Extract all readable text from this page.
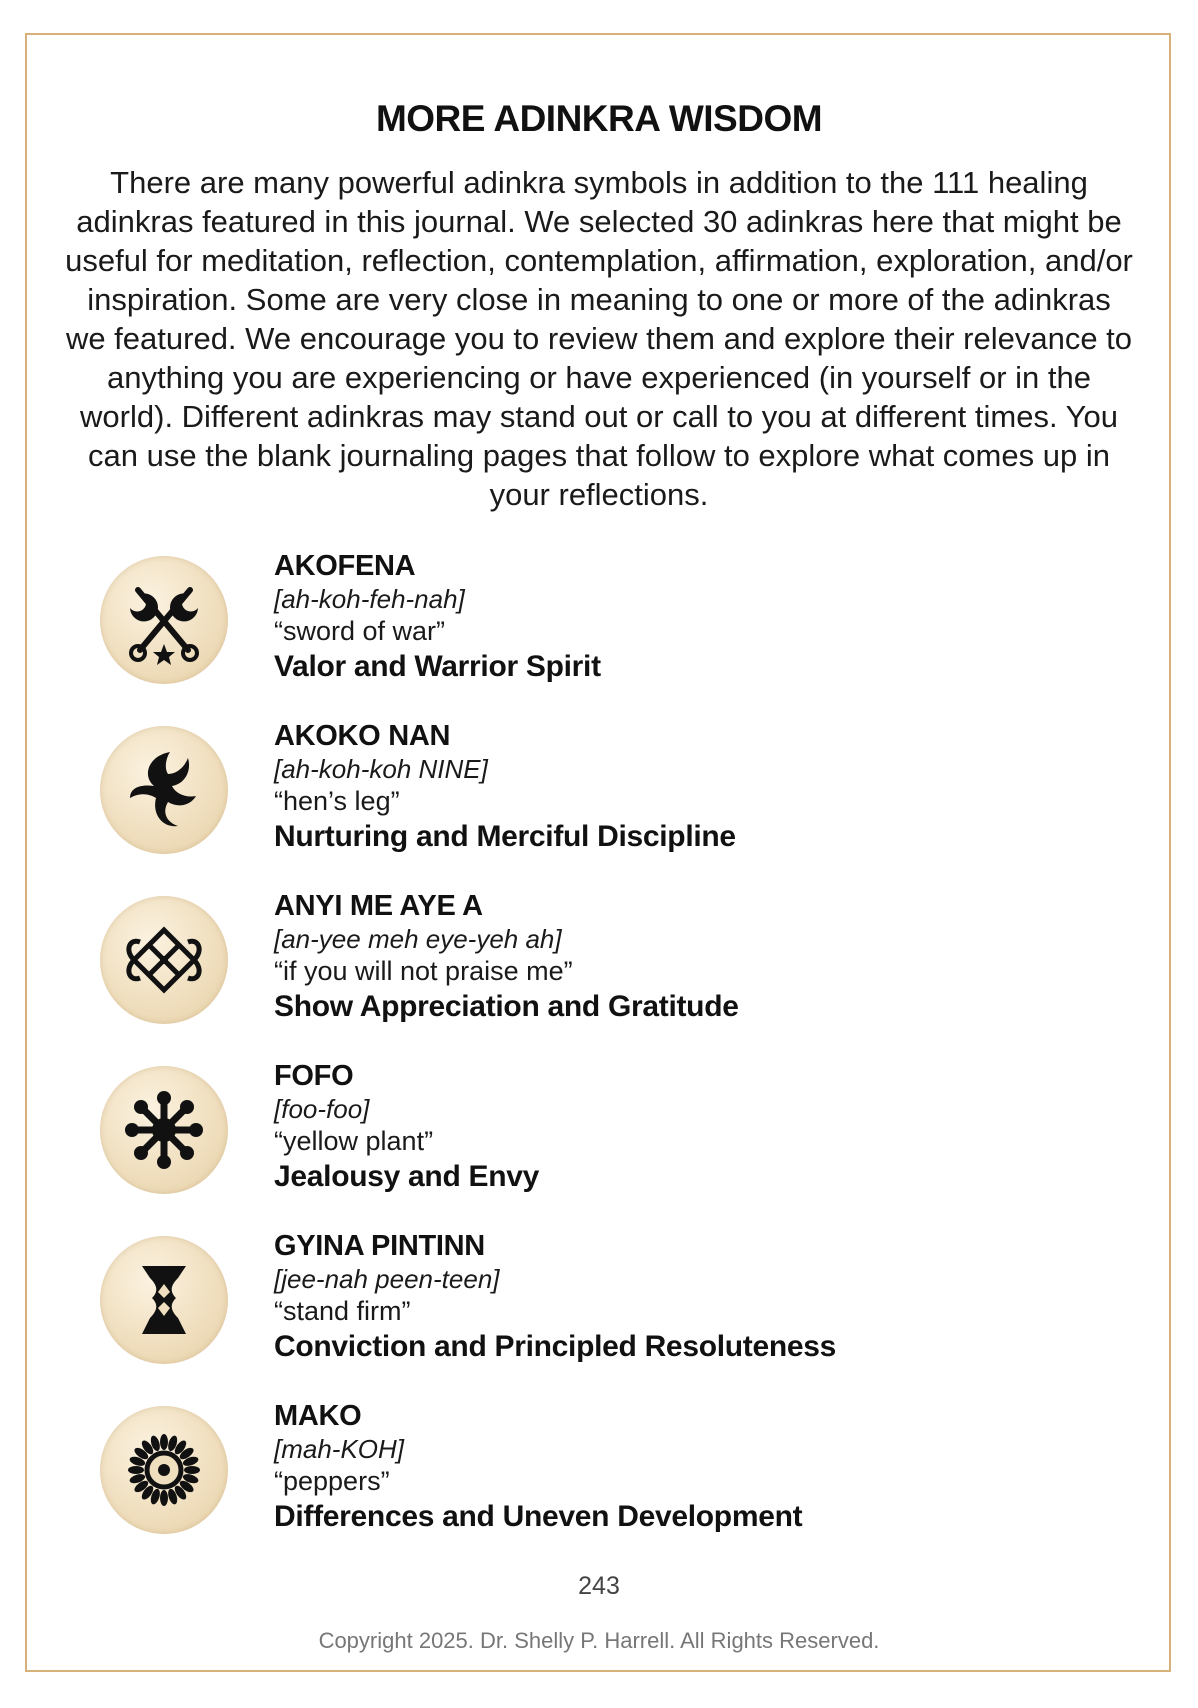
MORE ADINKRA WISDOM

There are many powerful adinkra symbols in addition to the 111 healing adinkras featured in this journal. We selected 30 adinkras here that might be useful for meditation, reflection, contemplation, affirmation, exploration, and/or inspiration. Some are very close in meaning to one or more of the adinkras we featured. We encourage you to review them and explore their relevance to anything you are experiencing or have experienced (in yourself or in the world). Different adinkras may stand out or call to you at different times. You can use the blank journaling pages that follow to explore what comes up in your reflections.

AKOFENA
[ah-koh-feh-nah]
“sword of war”
Valor and Warrior Spirit
AKOKO NAN
[ah-koh-koh NINE]
“hen’s leg”
Nurturing and Merciful Discipline
ANYI ME AYE A
[an-yee meh eye-yeh ah]
“if you will not praise me”
Show Appreciation and Gratitude
FOFO
[foo-foo]
“yellow plant”
Jealousy and Envy
GYINA PINTINN
[jee-nah peen-teen]
“stand firm”
Conviction and Principled Resoluteness
MAKO
[mah-KOH]
“peppers”
Differences and Uneven Development
243
Copyright 2025. Dr. Shelly P. Harrell. All Rights Reserved.
